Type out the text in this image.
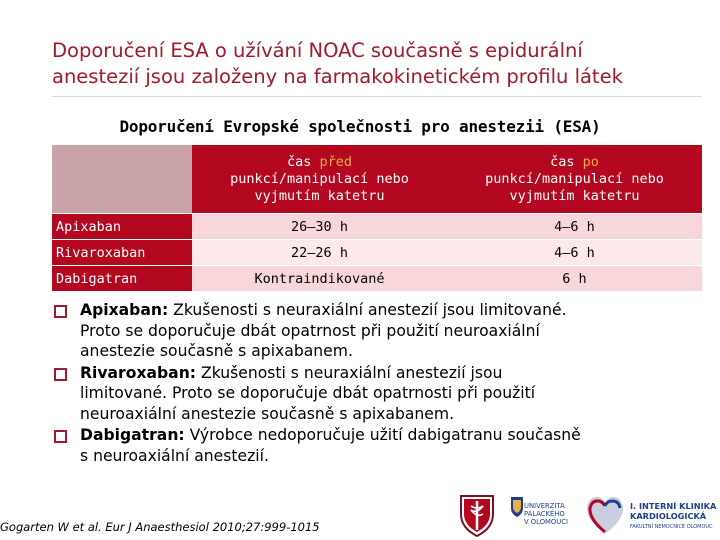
Doporučení ESA o užívání NOAC současně s epidurální
anestezií jsou založeny na farmakokinetickém profilu látek
Doporučení Evropské společnosti pro anestezii (ESA)
	čas před
punkcí/manipulací nebo
vyjmutím katetru	čas po
punkcí/manipulací nebo
vyjmutím katetru
Apixaban	26–30 h	4–6 h
Rivaroxaban	22–26 h	4–6 h
Dabigatran	Kontraindikované	6 h
Apixaban: Zkušenosti s neuraxiální anestezií jsou limitované.
Proto se doporučuje dbát opatrnost při použití neuroaxiální
anestezie současně s apixabanem.
Rivaroxaban: Zkušenosti s neuraxiální anestezií jsou
limitované. Proto se doporučuje dbát opatrnosti při použití
neuroaxiální anestezie současně s apixabanem.
Dabigatran: Výrobce nedoporučuje užití dabigatranu současně
s neuroaxiální anestezií.
Gogarten W et al. Eur J Anaesthesiol 2010;27:999-1015
UNIVERZITA
PALACKÉHO
V OLOMOUCI
I. INTERNÍ KLINIKA
KARDIOLOGICKÁ
FAKULTNÍ NEMOCNICE OLOMOUC
